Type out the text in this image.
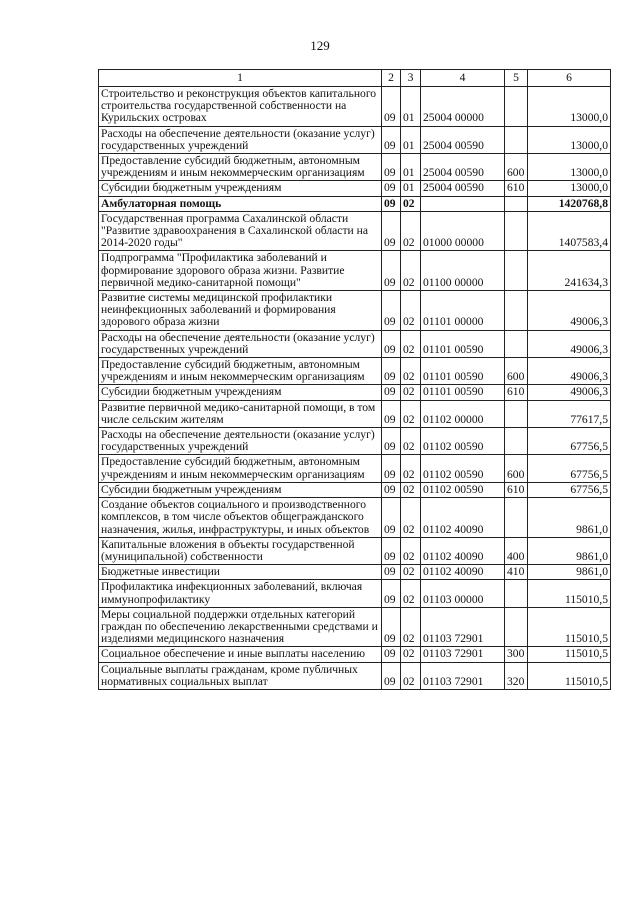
129
1	2	3	4	5	6
Строительство и реконструкция объектов капитального строительства государственной собственности на Курильских островах	09	01	25004 00000		13000,0
Расходы на обеспечение деятельности (оказание услуг) государственных учреждений	09	01	25004 00590		13000,0
Предоставление субсидий бюджетным, автономным учреждениям и иным некоммерческим организациям	09	01	25004 00590	600	13000,0
Субсидии бюджетным учреждениям	09	01	25004 00590	610	13000,0
Амбулаторная помощь	09	02			1420768,8
Государственная программа Сахалинской области "Развитие здравоохранения в Сахалинской области на 2014-2020 годы"	09	02	01000 00000		1407583,4
Подпрограмма "Профилактика заболеваний и формирование здорового образа жизни. Развитие первичной медико-санитарной помощи"	09	02	01100 00000		241634,3
Развитие системы медицинской профилактики неинфекционных заболеваний и формирования здорового образа жизни	09	02	01101 00000		49006,3
Расходы на обеспечение деятельности (оказание услуг) государственных учреждений	09	02	01101 00590		49006,3
Предоставление субсидий бюджетным, автономным учреждениям и иным некоммерческим организациям	09	02	01101 00590	600	49006,3
Субсидии бюджетным учреждениям	09	02	01101 00590	610	49006,3
Развитие первичной медико-санитарной помощи, в том числе сельским жителям	09	02	01102 00000		77617,5
Расходы на обеспечение деятельности (оказание услуг) государственных учреждений	09	02	01102 00590		67756,5
Предоставление субсидий бюджетным, автономным учреждениям и иным некоммерческим организациям	09	02	01102 00590	600	67756,5
Субсидии бюджетным учреждениям	09	02	01102 00590	610	67756,5
Создание объектов социального и производственного комплексов, в том числе объектов общегражданского назначения, жилья, инфраструктуры, и иных объектов	09	02	01102 40090		9861,0
Капитальные вложения в объекты государственной (муниципальной) собственности	09	02	01102 40090	400	9861,0
Бюджетные инвестиции	09	02	01102 40090	410	9861,0
Профилактика инфекционных заболеваний, включая иммунопрофилактику	09	02	01103 00000		115010,5
Меры социальной поддержки отдельных категорий граждан по обеспечению лекарственными средствами и изделиями медицинского назначения	09	02	01103 72901		115010,5
Социальное обеспечение и иные выплаты населению	09	02	01103 72901	300	115010,5
Социальные выплаты гражданам, кроме публичных нормативных социальных выплат	09	02	01103 72901	320	115010,5
